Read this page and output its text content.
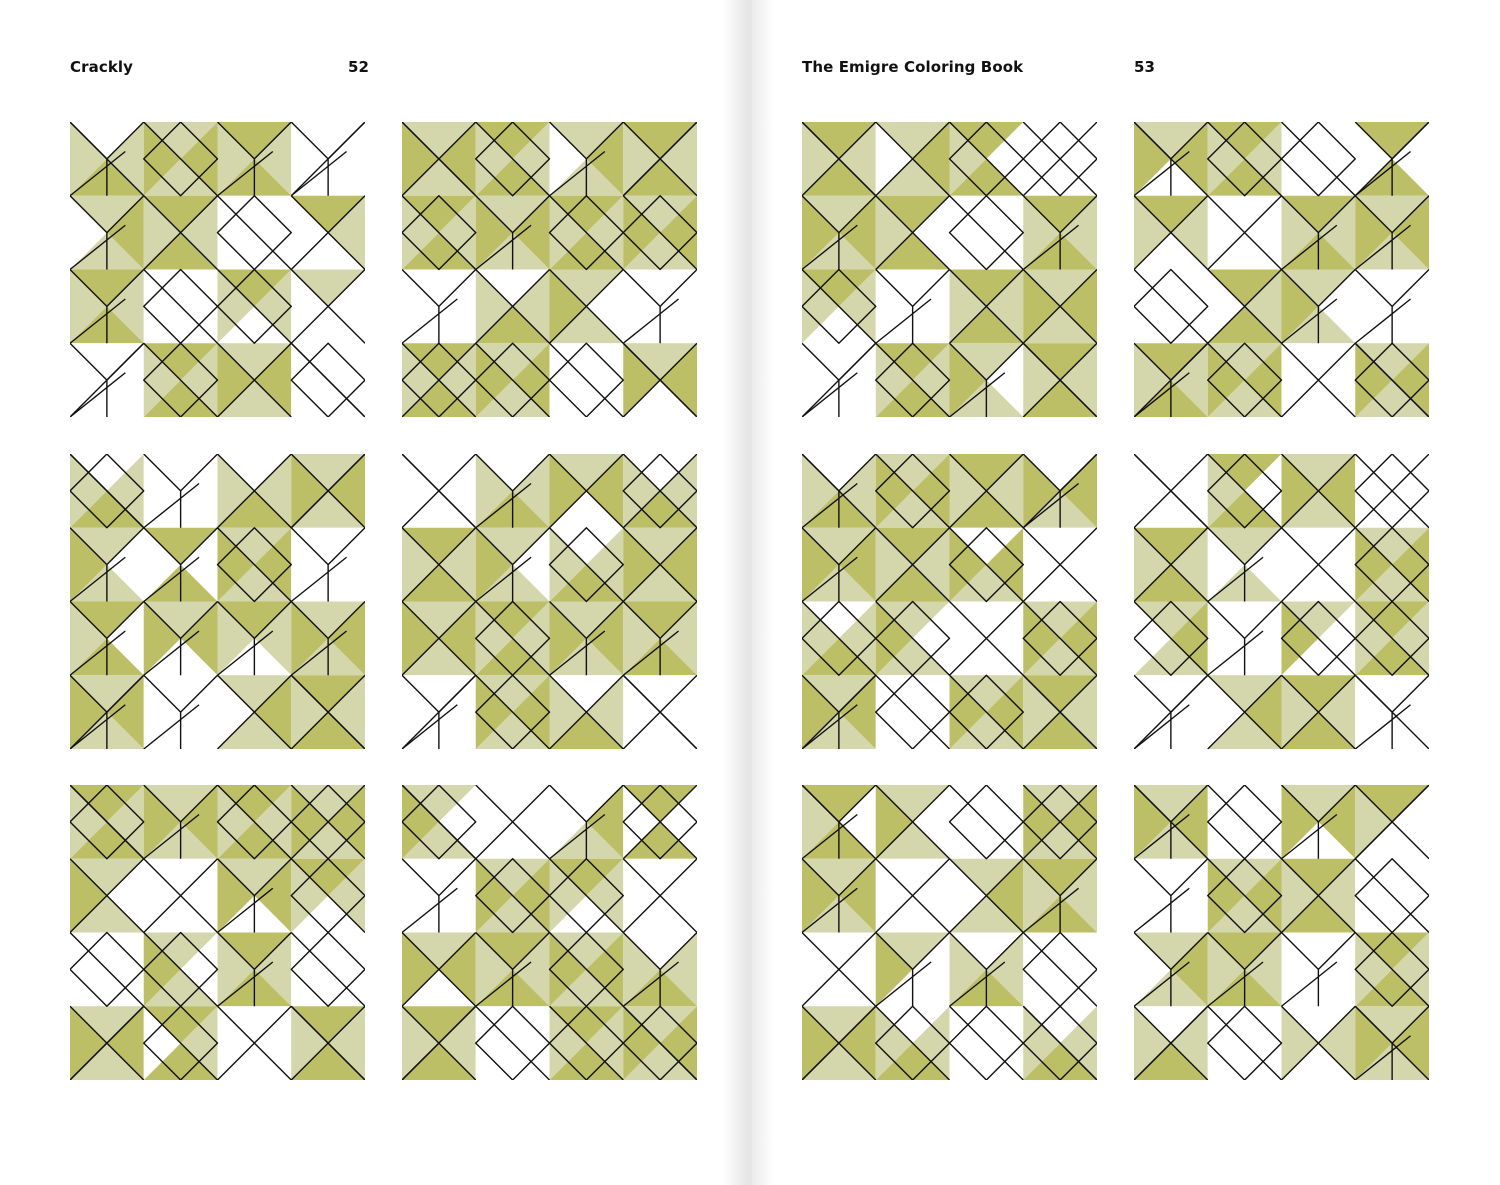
Crackly	52	The Emigre Coloring Book	53
